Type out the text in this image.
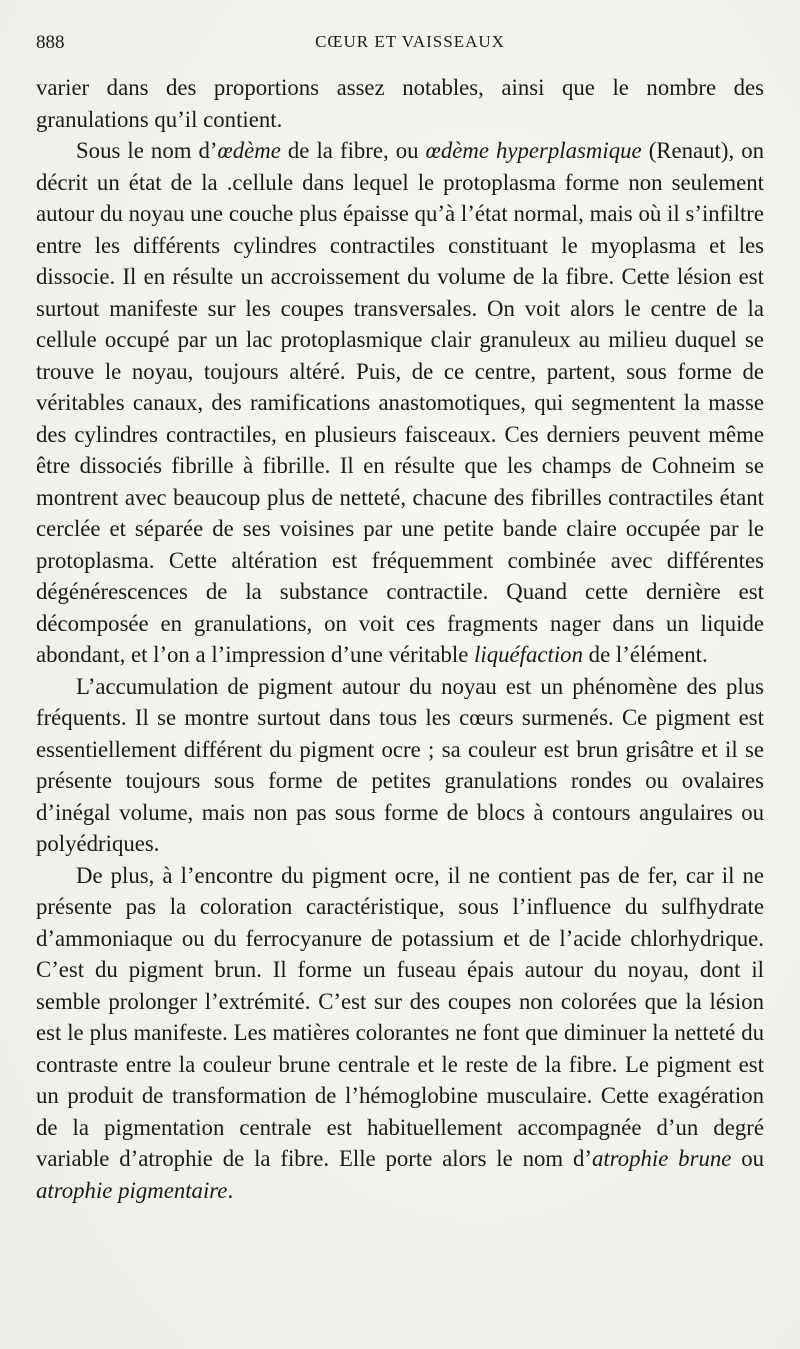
888	CŒUR ET VAISSEAUX

varier dans des proportions assez notables, ainsi que le nombre des granulations qu’il contient.

Sous le nom d’œdème de la fibre, ou œdème hyperplasmique (Renaut), on décrit un état de la .cellule dans lequel le protoplasma forme non seulement autour du noyau une couche plus épaisse qu’à l’état normal, mais où il s’infiltre entre les différents cylindres contractiles constituant le myoplasma et les dissocie. Il en résulte un accroissement du volume de la fibre. Cette lésion est surtout manifeste sur les coupes transversales. On voit alors le centre de la cellule occupé par un lac protoplasmique clair granuleux au milieu duquel se trouve le noyau, toujours altéré. Puis, de ce centre, partent, sous forme de véritables canaux, des ramifications anastomotiques, qui segmentent la masse des cylindres contractiles, en plusieurs faisceaux. Ces derniers peuvent même être dissociés fibrille à fibrille. Il en résulte que les champs de Cohneim se montrent avec beaucoup plus de netteté, chacune des fibrilles contractiles étant cerclée et séparée de ses voisines par une petite bande claire occupée par le protoplasma. Cette altération est fréquemment combinée avec différentes dégénérescences de la substance contractile. Quand cette dernière est décomposée en granulations, on voit ces fragments nager dans un liquide abondant, et l’on a l’impression d’une véritable liquéfaction de l’élément.

L’accumulation de pigment autour du noyau est un phénomène des plus fréquents. Il se montre surtout dans tous les cœurs surmenés. Ce pigment est essentiellement différent du pigment ocre ; sa couleur est brun grisâtre et il se présente toujours sous forme de petites granulations rondes ou ovalaires d’inégal volume, mais non pas sous forme de blocs à contours angulaires ou polyédriques.

De plus, à l’encontre du pigment ocre, il ne contient pas de fer, car il ne présente pas la coloration caractéristique, sous l’influence du sulfhydrate d’ammoniaque ou du ferrocyanure de potassium et de l’acide chlorhydrique. C’est du pigment brun. Il forme un fuseau épais autour du noyau, dont il semble prolonger l’extrémité. C’est sur des coupes non colorées que la lésion est le plus manifeste. Les matières colorantes ne font que diminuer la netteté du contraste entre la couleur brune centrale et le reste de la fibre. Le pigment est un produit de transformation de l’hémoglobine musculaire. Cette exagération de la pigmentation centrale est habituellement accompagnée d’un degré variable d’atrophie de la fibre. Elle porte alors le nom d’atrophie brune ou atrophie pigmentaire.
